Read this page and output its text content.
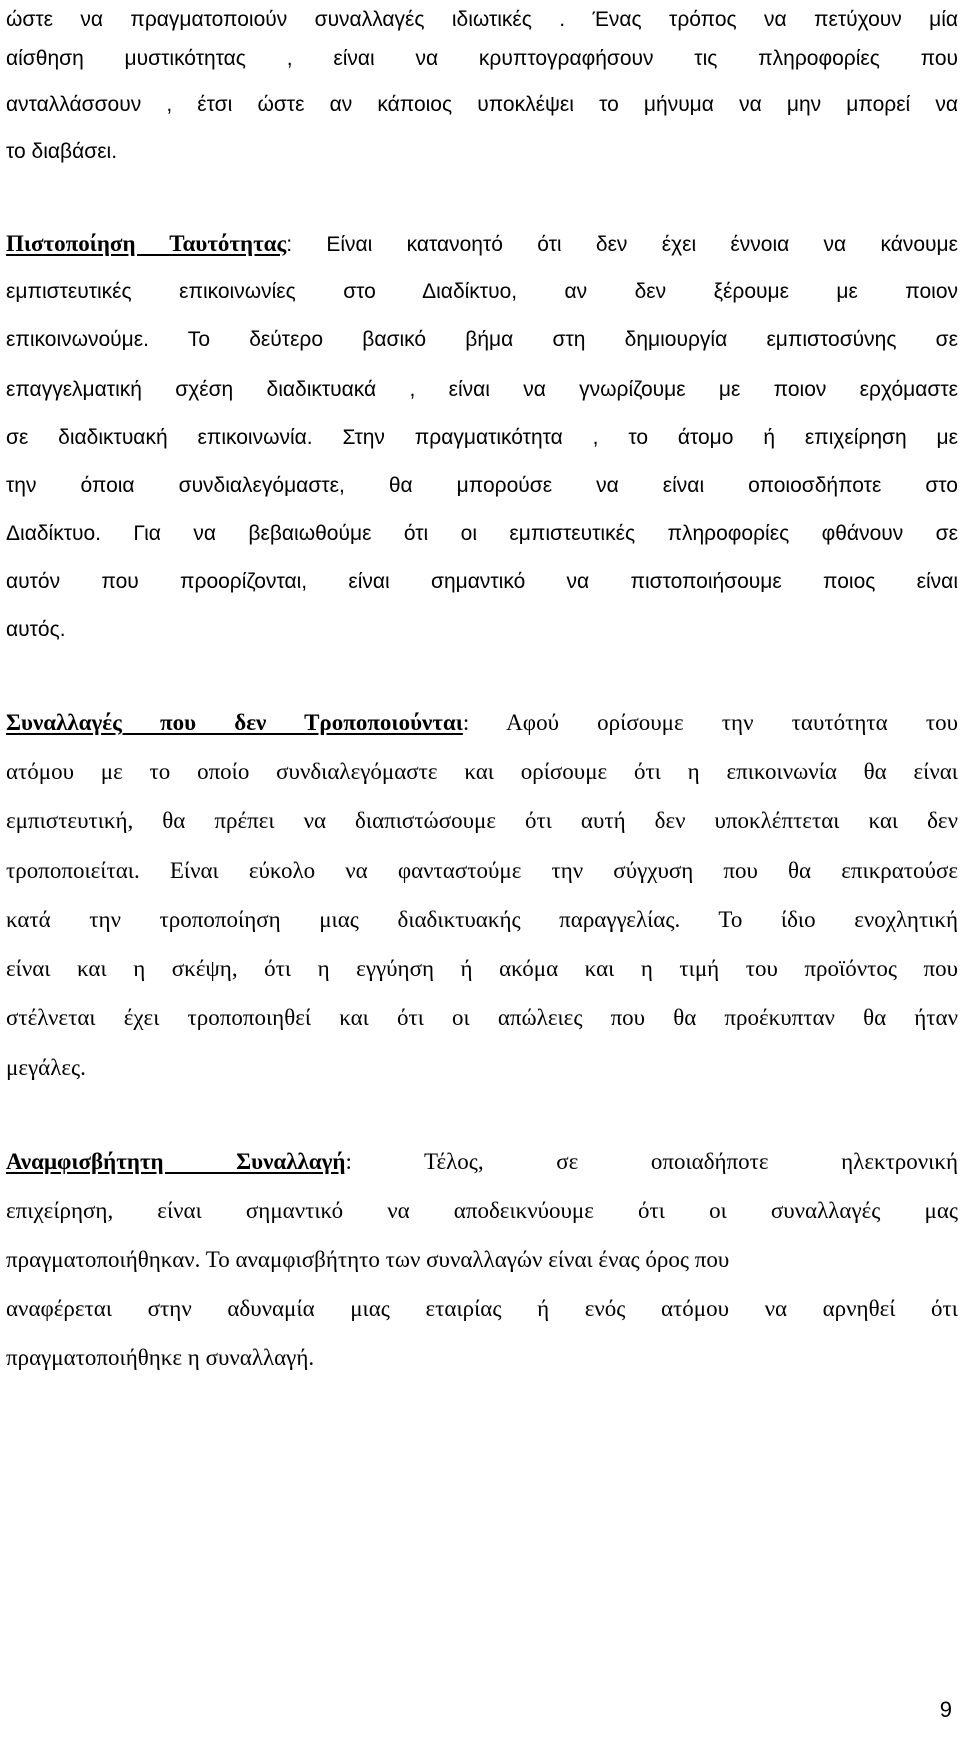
ώστε να πραγματοποιούν συναλλαγές ιδιωτικές . Ένας τρόπος να πετύχουν μία
αίσθηση μυστικότητας , είναι να κρυπτογραφήσουν τις πληροφορίες που
ανταλλάσσουν , έτσι ώστε αν κάποιος υποκλέψει το μήνυμα να μην μπορεί να
το διαβάσει.
Πιστοποίηση Ταυτότητας: Είναι κατανοητό ότι δεν έχει έννοια να κάνουμε
εμπιστευτικές επικοινωνίες στο Διαδίκτυο, αν δεν ξέρουμε με ποιον
επικοινωνούμε. Το δεύτερο βασικό βήμα στη δημιουργία εμπιστοσύνης σε
επαγγελματική σχέση διαδικτυακά , είναι να γνωρίζουμε με ποιον ερχόμαστε
σε διαδικτυακή επικοινωνία. Στην πραγματικότητα , το άτομο ή επιχείρηση με
την όποια συνδιαλεγόμαστε, θα μπορούσε να είναι οποιοσδήποτε στο
Διαδίκτυο. Για να βεβαιωθούμε ότι οι εμπιστευτικές πληροφορίες φθάνουν σε
αυτόν που προορίζονται, είναι σημαντικό να πιστοποιήσουμε ποιος είναι
αυτός.
Συναλλαγές που δεν Τροποποιούνται: Αφού ορίσουμε την ταυτότητα του
ατόμου με το οποίο συνδιαλεγόμαστε και ορίσουμε ότι η επικοινωνία θα είναι
εμπιστευτική, θα πρέπει να διαπιστώσουμε ότι αυτή δεν υποκλέπτεται και δεν
τροποποιείται. Είναι εύκολο να φανταστούμε την σύγχυση που θα επικρατούσε
κατά την τροποποίηση μιας διαδικτυακής παραγγελίας. Το ίδιο ενοχλητική
είναι και η σκέψη, ότι η εγγύηση ή ακόμα και η τιμή του προϊόντος που
στέλνεται έχει τροποποιηθεί και ότι οι απώλειες που θα προέκυπταν θα ήταν
μεγάλες.
Αναμφισβήτητη Συναλλαγή: Τέλος, σε οποιαδήποτε ηλεκτρονική
επιχείρηση, είναι σημαντικό να αποδεικνύουμε ότι οι συναλλαγές μας
πραγματοποιήθηκαν. Το αναμφισβήτητο των συναλλαγών είναι ένας όρος που
αναφέρεται στην αδυναμία μιας εταιρίας ή ενός ατόμου να αρνηθεί ότι
πραγματοποιήθηκε η συναλλαγή.
9
